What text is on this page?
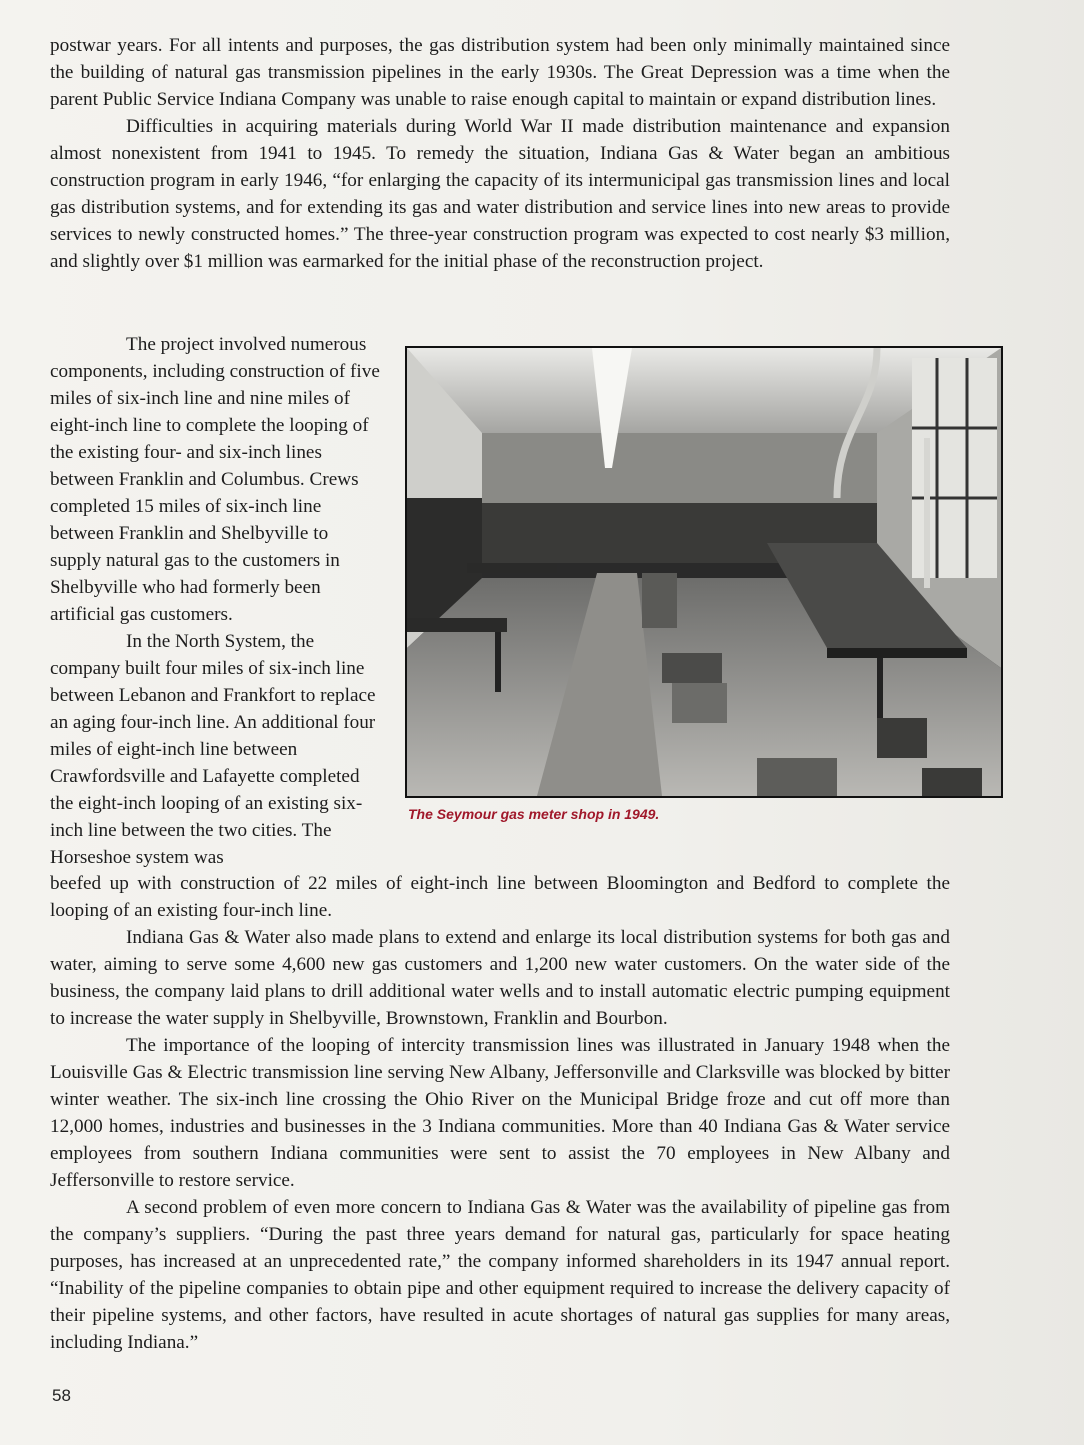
postwar years. For all intents and purposes, the gas distribution system had been only minimally maintained since the building of natural gas transmission pipelines in the early 1930s. The Great Depression was a time when the parent Public Service Indiana Company was unable to raise enough capital to maintain or expand distribution lines.

Difficulties in acquiring materials during World War II made distribution maintenance and expansion almost nonexistent from 1941 to 1945. To remedy the situation, Indiana Gas & Water began an ambitious construction program in early 1946, “for enlarging the capacity of its intermunicipal gas transmission lines and local gas distribution systems, and for extending its gas and water distribution and service lines into new areas to provide services to newly constructed homes.” The three-year construction program was expected to cost nearly $3 million, and slightly over $1 million was earmarked for the initial phase of the reconstruction project.

The project involved numerous components, including construction of five miles of six-inch line and nine miles of eight-inch line to complete the looping of the existing four- and six-inch lines between Franklin and Columbus. Crews completed 15 miles of six-inch line between Franklin and Shelbyville to supply natural gas to the customers in Shelbyville who had formerly been artificial gas customers.

In the North System, the company built four miles of six-inch line between Lebanon and Frankfort to replace an aging four-inch line. An additional four miles of eight-inch line between Crawfordsville and Lafayette completed the eight-inch looping of an existing six-inch line between the two cities. The Horseshoe system was

The Seymour gas meter shop in 1949.

beefed up with construction of 22 miles of eight-inch line between Bloomington and Bedford to complete the looping of an existing four-inch line.

Indiana Gas & Water also made plans to extend and enlarge its local distribution systems for both gas and water, aiming to serve some 4,600 new gas customers and 1,200 new water customers. On the water side of the business, the company laid plans to drill additional water wells and to install automatic electric pumping equipment to increase the water supply in Shelbyville, Brownstown, Franklin and Bourbon.

The importance of the looping of intercity transmission lines was illustrated in January 1948 when the Louisville Gas & Electric transmission line serving New Albany, Jeffersonville and Clarksville was blocked by bitter winter weather. The six-inch line crossing the Ohio River on the Municipal Bridge froze and cut off more than 12,000 homes, industries and businesses in the 3 Indiana communities. More than 40 Indiana Gas & Water service employees from southern Indiana communities were sent to assist the 70 employees in New Albany and Jeffersonville to restore service.

A second problem of even more concern to Indiana Gas & Water was the availability of pipeline gas from the company’s suppliers. “During the past three years demand for natural gas, particularly for space heating purposes, has increased at an unprecedented rate,” the company informed shareholders in its 1947 annual report. “Inability of the pipeline companies to obtain pipe and other equipment required to increase the delivery capacity of their pipeline systems, and other factors, have resulted in acute shortages of natural gas supplies for many areas, including Indiana.”

58
